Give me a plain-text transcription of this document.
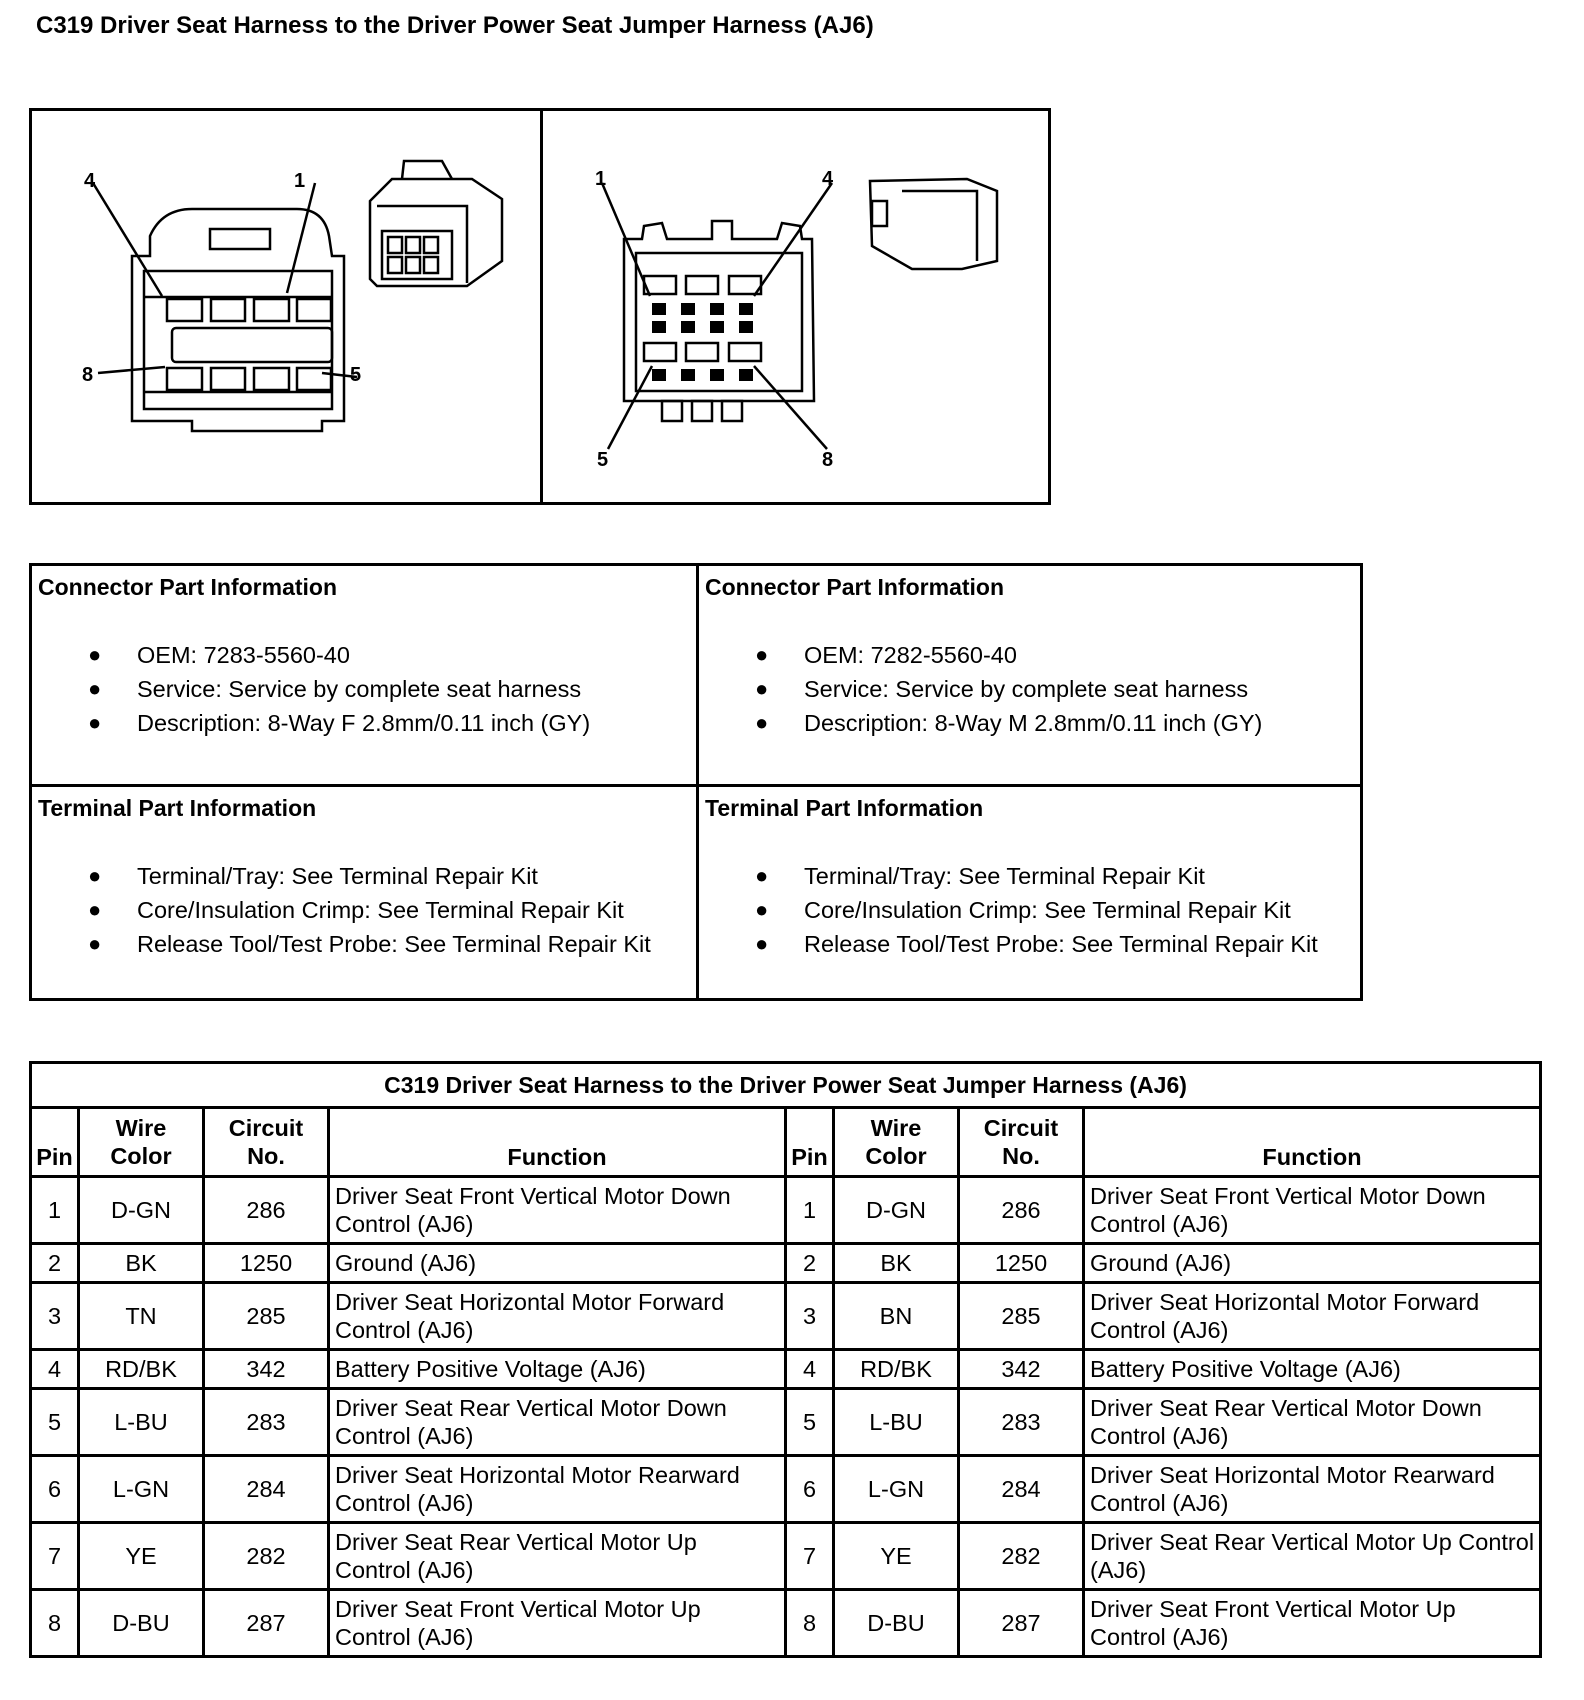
C319 Driver Seat Harness to the Driver Power Seat Jumper Harness (AJ6)
4	1
8	5
1	4
5	8
Connector Part Information
● OEM: 7283-5560-40
● Service: Service by complete seat harness
● Description: 8-Way F 2.8mm/0.11 inch (GY)
Connector Part Information
● OEM: 7282-5560-40
● Service: Service by complete seat harness
● Description: 8-Way M 2.8mm/0.11 inch (GY)
Terminal Part Information
● Terminal/Tray: See Terminal Repair Kit
● Core/Insulation Crimp: See Terminal Repair Kit
● Release Tool/Test Probe: See Terminal Repair Kit
Terminal Part Information
● Terminal/Tray: See Terminal Repair Kit
● Core/Insulation Crimp: See Terminal Repair Kit
● Release Tool/Test Probe: See Terminal Repair Kit
C319 Driver Seat Harness to the Driver Power Seat Jumper Harness (AJ6)							
Pin	Wire Color	Circuit No.	Function	Pin	Wire Color	Circuit No.	Function
1	D-GN	286	Driver Seat Front Vertical Motor Down Control (AJ6)	1	D-GN	286	Driver Seat Front Vertical Motor Down Control (AJ6)
2	BK	1250	Ground (AJ6)	2	BK	1250	Ground (AJ6)
3	TN	285	Driver Seat Horizontal Motor Forward Control (AJ6)	3	BN	285	Driver Seat Horizontal Motor Forward Control (AJ6)
4	RD/BK	342	Battery Positive Voltage (AJ6)	4	RD/BK	342	Battery Positive Voltage (AJ6)
5	L-BU	283	Driver Seat Rear Vertical Motor Down Control (AJ6)	5	L-BU	283	Driver Seat Rear Vertical Motor Down Control (AJ6)
6	L-GN	284	Driver Seat Horizontal Motor Rearward Control (AJ6)	6	L-GN	284	Driver Seat Horizontal Motor Rearward Control (AJ6)
7	YE	282	Driver Seat Rear Vertical Motor Up Control (AJ6)	7	YE	282	Driver Seat Rear Vertical Motor Up Control (AJ6)
8	D-BU	287	Driver Seat Front Vertical Motor Up Control (AJ6)	8	D-BU	287	Driver Seat Front Vertical Motor Up Control (AJ6)
